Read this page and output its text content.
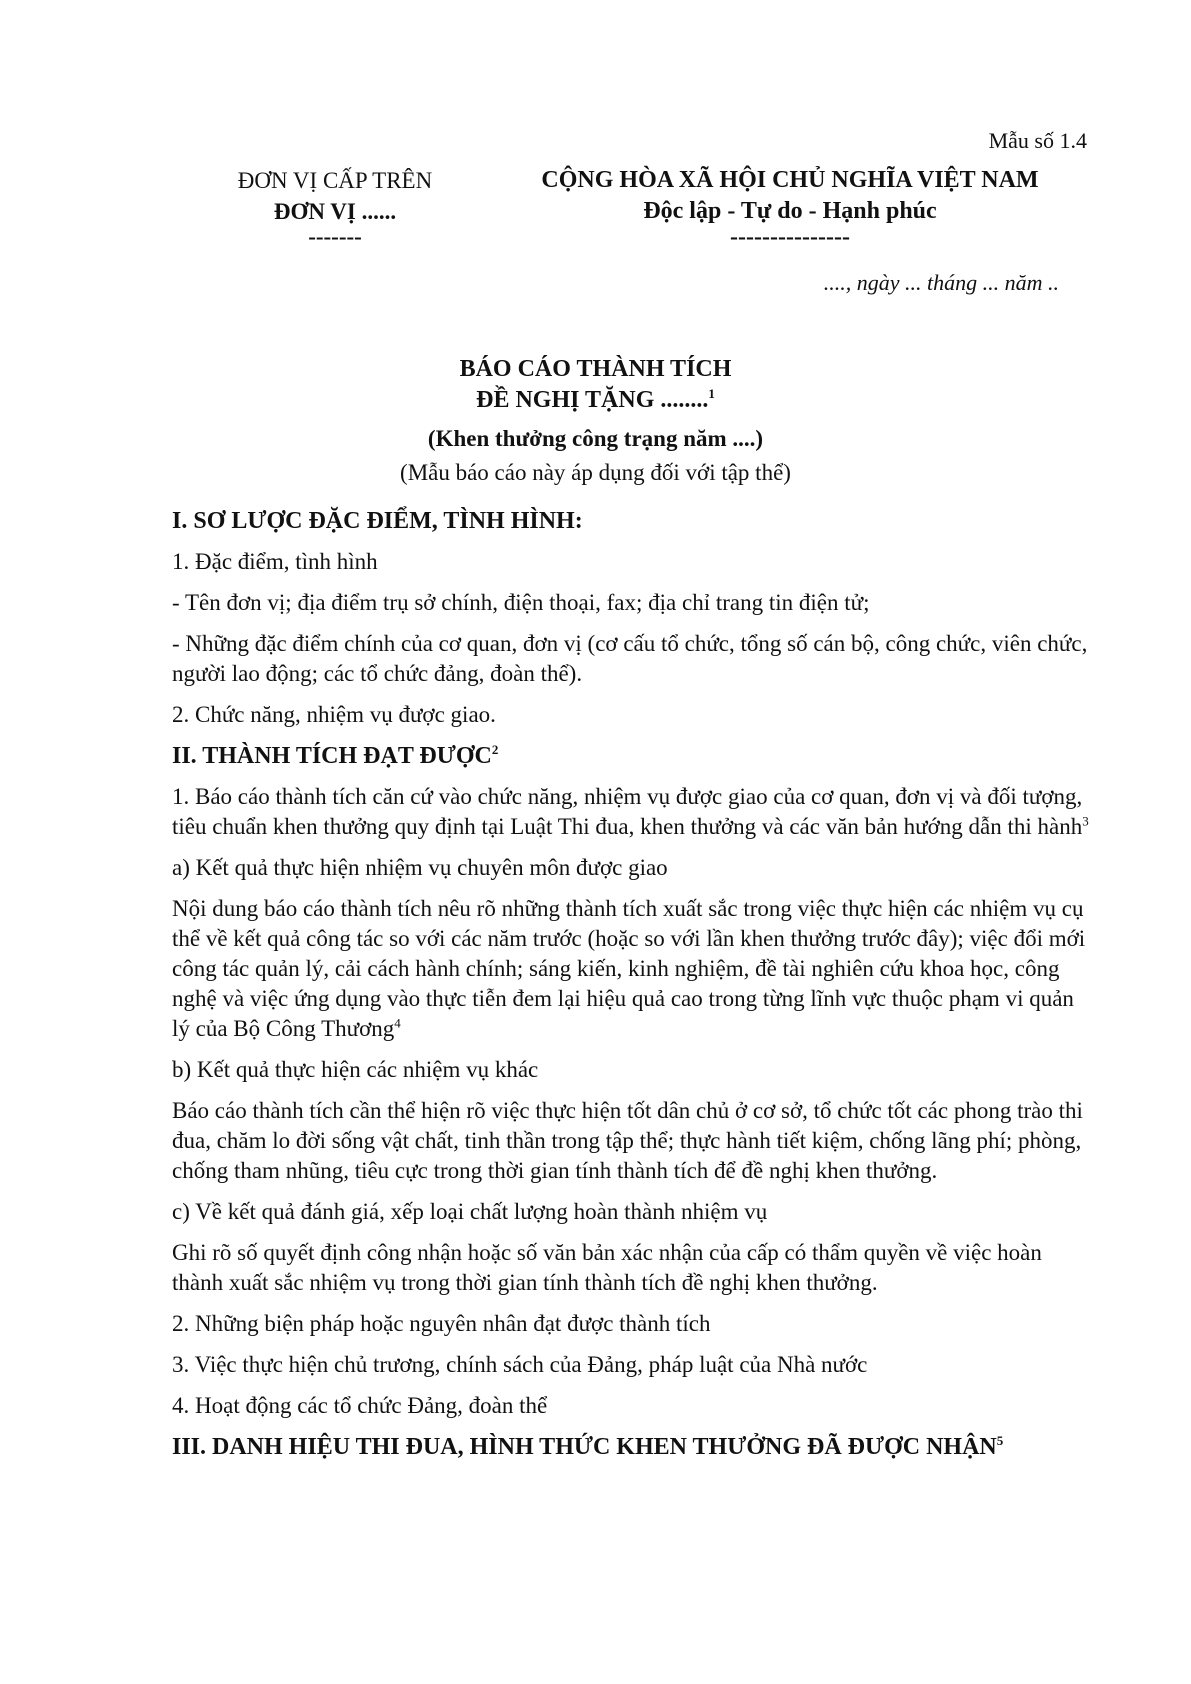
Mẫu số 1.4
ĐƠN VỊ CẤP TRÊN
ĐƠN VỊ ......
-------
CỘNG HÒA XÃ HỘI CHỦ NGHĨA VIỆT NAM
Độc lập - Tự do - Hạnh phúc
---------------
...., ngày ... tháng ... năm ..
BÁO CÁO THÀNH TÍCH
ĐỀ NGHỊ TẶNG ........$^1$
(Khen thưởng công trạng năm ....)
(Mẫu báo cáo này áp dụng đối với tập thể)
I. SƠ LƯỢC ĐẶC ĐIỂM, TÌNH HÌNH:

1. Đặc điểm, tình hình

- Tên đơn vị; địa điểm trụ sở chính, điện thoại, fax; địa chỉ trang tin điện tử;

- Những đặc điểm chính của cơ quan, đơn vị (cơ cấu tổ chức, tổng số cán bộ, công chức, viên chức, người lao động; các tổ chức đảng, đoàn thể).

2. Chức năng, nhiệm vụ được giao.

II. THÀNH TÍCH ĐẠT ĐƯỢC$^2$

1. Báo cáo thành tích căn cứ vào chức năng, nhiệm vụ được giao của cơ quan, đơn vị và đối tượng, tiêu chuẩn khen thưởng quy định tại Luật Thi đua, khen thưởng và các văn bản hướng dẫn thi hành$^3$

a) Kết quả thực hiện nhiệm vụ chuyên môn được giao

Nội dung báo cáo thành tích nêu rõ những thành tích xuất sắc trong việc thực hiện các nhiệm vụ cụ thể về kết quả công tác so với các năm trước (hoặc so với lần khen thưởng trước đây); việc đổi mới công tác quản lý, cải cách hành chính; sáng kiến, kinh nghiệm, đề tài nghiên cứu khoa học, công nghệ và việc ứng dụng vào thực tiễn đem lại hiệu quả cao trong từng lĩnh vực thuộc phạm vi quản lý của Bộ Công Thương$^4$

b) Kết quả thực hiện các nhiệm vụ khác

Báo cáo thành tích cần thể hiện rõ việc thực hiện tốt dân chủ ở cơ sở, tổ chức tốt các phong trào thi đua, chăm lo đời sống vật chất, tinh thần trong tập thể; thực hành tiết kiệm, chống lãng phí; phòng, chống tham nhũng, tiêu cực trong thời gian tính thành tích để đề nghị khen thưởng.

c) Về kết quả đánh giá, xếp loại chất lượng hoàn thành nhiệm vụ

Ghi rõ số quyết định công nhận hoặc số văn bản xác nhận của cấp có thẩm quyền về việc hoàn thành xuất sắc nhiệm vụ trong thời gian tính thành tích đề nghị khen thưởng.

2. Những biện pháp hoặc nguyên nhân đạt được thành tích

3. Việc thực hiện chủ trương, chính sách của Đảng, pháp luật của Nhà nước

4. Hoạt động các tổ chức Đảng, đoàn thể

III. DANH HIỆU THI ĐUA, HÌNH THỨC KHEN THƯỞNG ĐÃ ĐƯỢC NHẬN$^5$
